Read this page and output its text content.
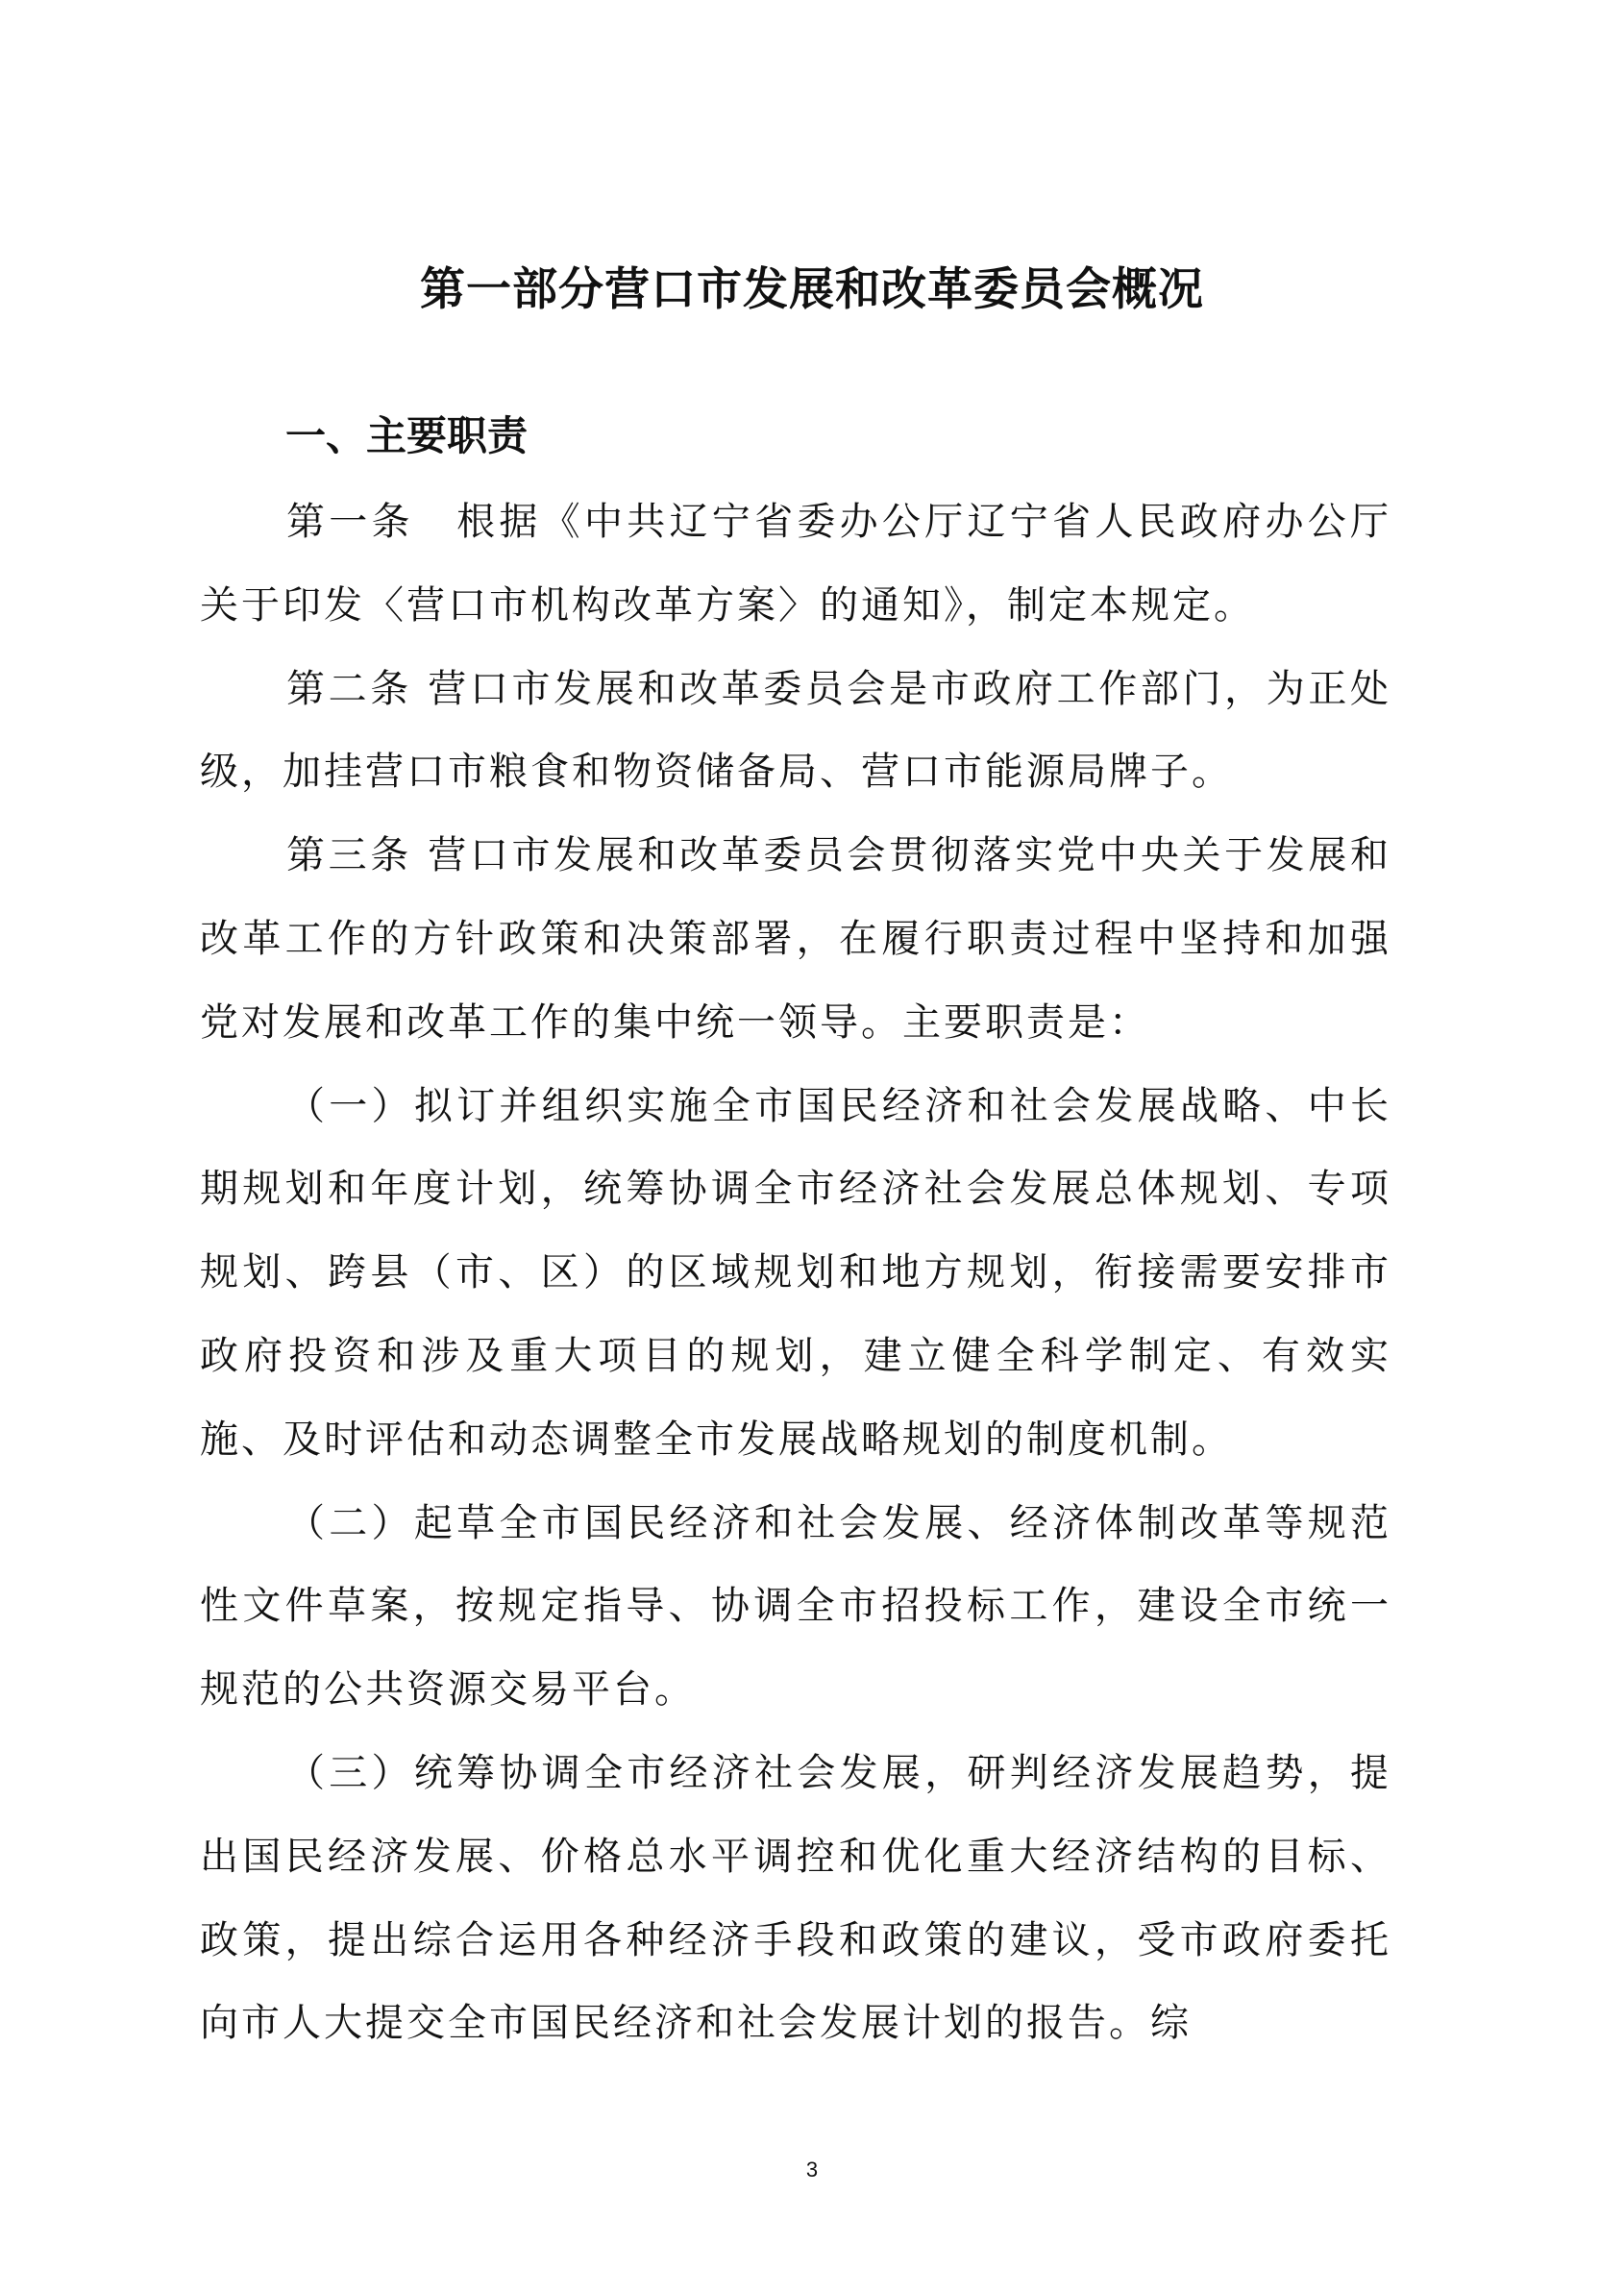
第一部分营口市发展和改革委员会概况
一、主要职责

第一条　根据《中共辽宁省委办公厅辽宁省人民政府办公厅关于印发〈营口市机构改革方案〉的通知》，制定本规定。

第二条 营口市发展和改革委员会是市政府工作部门，为正处级，加挂营口市粮食和物资储备局、营口市能源局牌子。

第三条 营口市发展和改革委员会贯彻落实党中央关于发展和改革工作的方针政策和决策部署，在履行职责过程中坚持和加强党对发展和改革工作的集中统一领导。主要职责是：

（一）拟订并组织实施全市国民经济和社会发展战略、中长　期规划和年度计划，统筹协调全市经济社会发展总体规划、专项 规划、跨县（市、区）的区域规划和地方规划，衔接需要安排市政府投资和涉及重大项目的规划，建立健全科学制定、有效实施、及时评估和动态调整全市发展战略规划的制度机制。

（二）起草全市国民经济和社会发展、经济体制改革等规范性文件草案，按规定指导、协调全市招投标工作，建设全市统一规范的公共资源交易平台。

（三）统筹协调全市经济社会发展，研判经济发展趋势，提出国民经济发展、价格总水平调控和优化重大经济结构的目标、政策，提出综合运用各种经济手段和政策的建议，受市政府委托向市人大提交全市国民经济和社会发展计划的报告。综

3
